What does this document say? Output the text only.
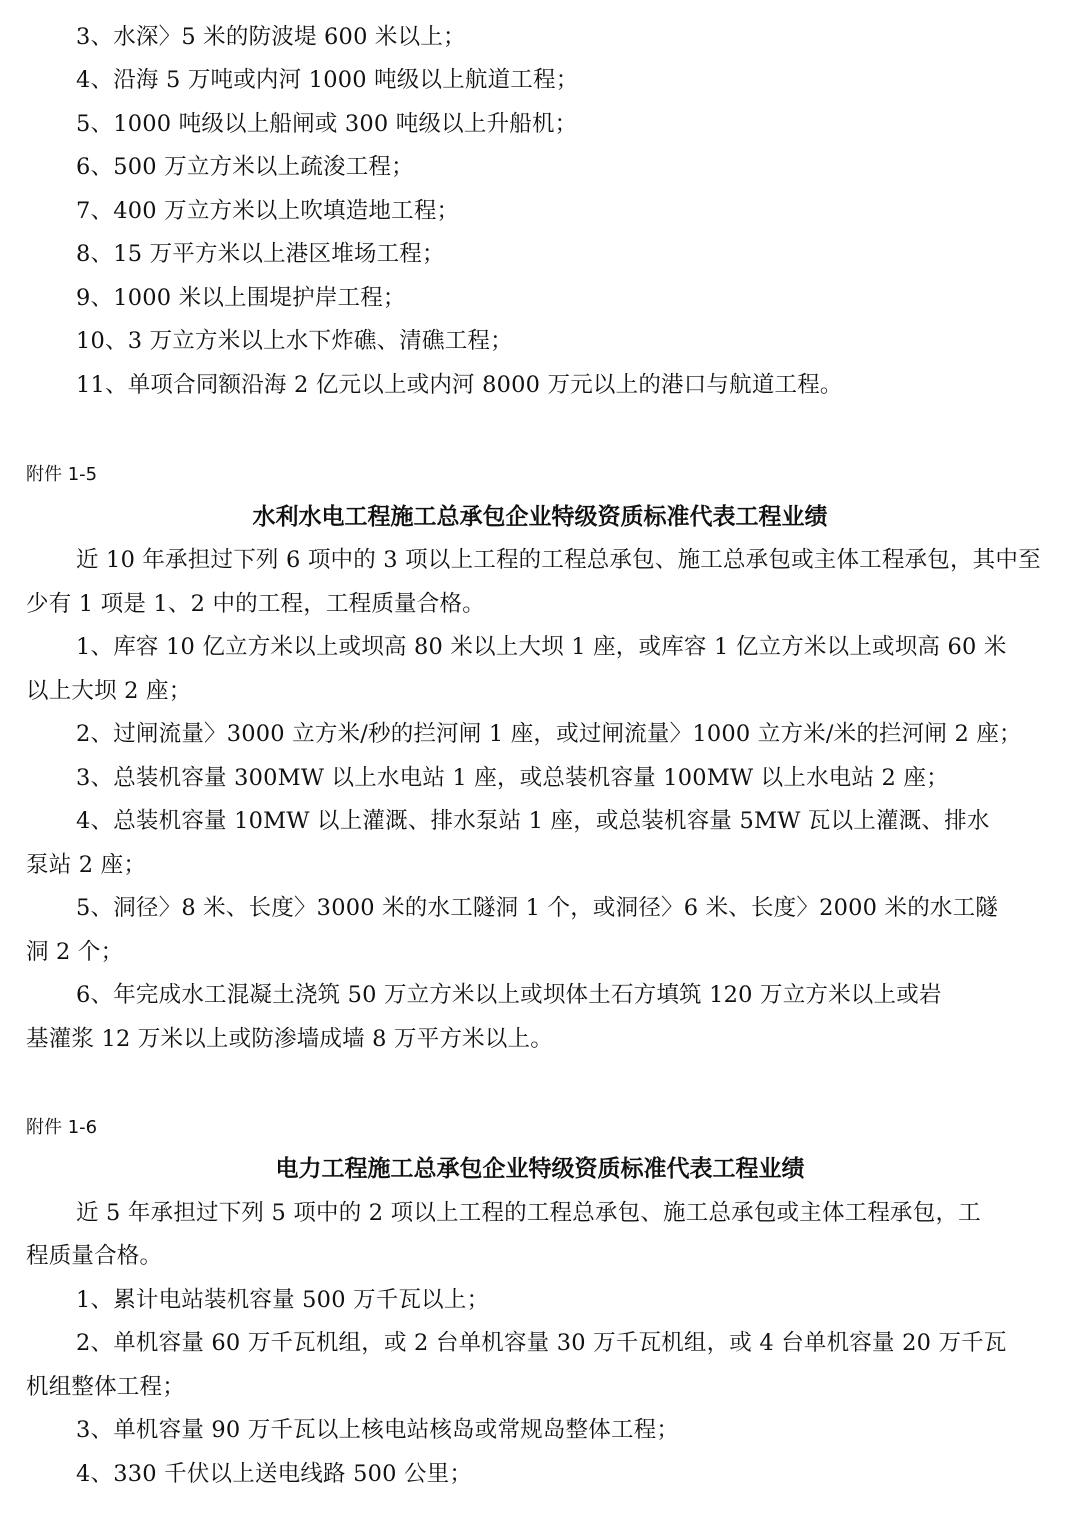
3、水深〉5 米的防波堤 600 米以上；
4、沿海 5 万吨或内河 1000 吨级以上航道工程；
5、1000 吨级以上船闸或 300 吨级以上升船机；
6、500 万立方米以上疏浚工程；
7、400 万立方米以上吹填造地工程；
8、15 万平方米以上港区堆场工程；
9、1000 米以上围堤护岸工程；
10、3 万立方米以上水下炸礁、清礁工程；
11、单项合同额沿海 2 亿元以上或内河 8000 万元以上的港口与航道工程。
附件 1-5
水利水电工程施工总承包企业特级资质标准代表工程业绩
近 10 年承担过下列 6 项中的 3 项以上工程的工程总承包、施工总承包或主体工程承包，其中至
少有 1 项是 1、2 中的工程，工程质量合格。
1、库容 10 亿立方米以上或坝高 80 米以上大坝 1 座，或库容 1 亿立方米以上或坝高 60 米
以上大坝 2 座；
2、过闸流量〉3000 立方米/秒的拦河闸 1 座，或过闸流量〉1000 立方米/米的拦河闸 2 座；
3、总装机容量 300MW 以上水电站 1 座，或总装机容量 100MW 以上水电站 2 座；
4、总装机容量 10MW 以上灌溉、排水泵站 1 座，或总装机容量 5MW 瓦以上灌溉、排水
泵站 2 座；
5、洞径〉8 米、长度〉3000 米的水工隧洞 1 个，或洞径〉6 米、长度〉2000 米的水工隧
洞 2 个；
6、年完成水工混凝土浇筑 50 万立方米以上或坝体土石方填筑 120 万立方米以上或岩
基灌浆 12 万米以上或防渗墙成墙 8 万平方米以上。
附件 1-6
电力工程施工总承包企业特级资质标准代表工程业绩
近 5 年承担过下列 5 项中的 2 项以上工程的工程总承包、施工总承包或主体工程承包，工
程质量合格。
1、累计电站装机容量 500 万千瓦以上；
2、单机容量 60 万千瓦机组，或 2 台单机容量 30 万千瓦机组，或 4 台单机容量 20 万千瓦
机组整体工程；
3、单机容量 90 万千瓦以上核电站核岛或常规岛整体工程；
4、330 千伏以上送电线路 500 公里；
